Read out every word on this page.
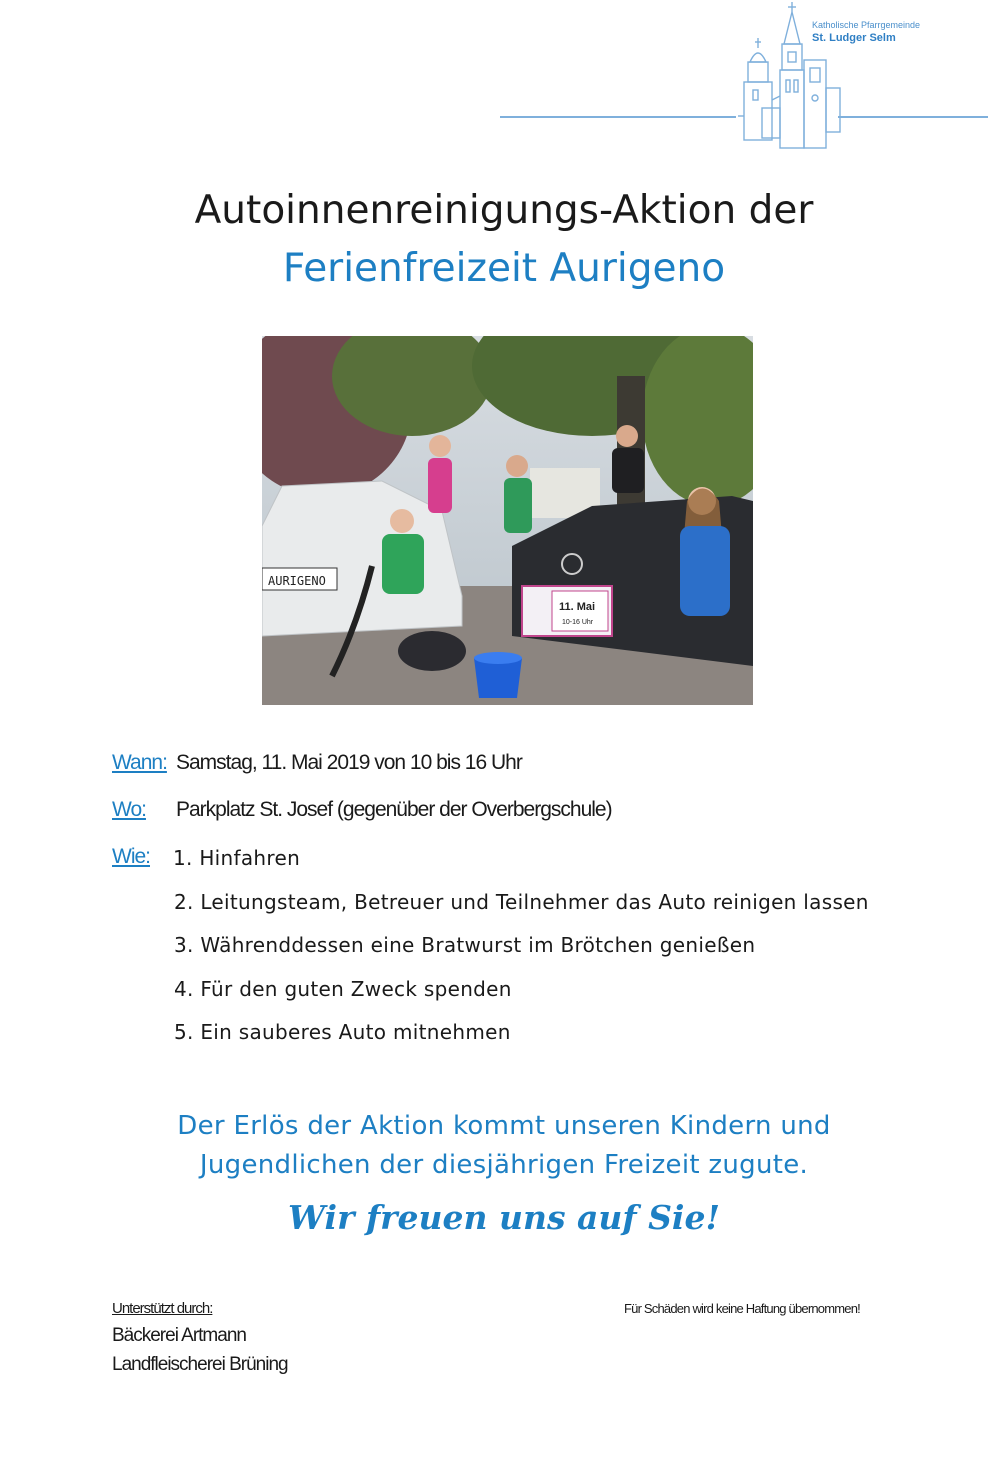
Katholische Pfarrgemeinde
St. Ludger Selm
Autoinnenreinigungs-Aktion der
Ferienfreizeit Aurigeno
AURIGENO
11. Mai
10-16 Uhr
Wann: Samstag, 11. Mai 2019 von 10 bis 16 Uhr
Wo: Parkplatz St. Josef (gegenüber der Overbergschule)
Wie: 1. Hinfahren
2. Leitungsteam, Betreuer und Teilnehmer das Auto reinigen lassen
3. Währenddessen eine Bratwurst im Brötchen genießen
4. Für den guten Zweck spenden
5. Ein sauberes Auto mitnehmen
Der Erlös der Aktion kommt unseren Kindern und
Jugendlichen der diesjährigen Freizeit zugute.
Wir freuen uns auf Sie!
Unterstützt durch:
Bäckerei Artmann
Landfleischerei Brüning
Für Schäden wird keine Haftung übernommen!
